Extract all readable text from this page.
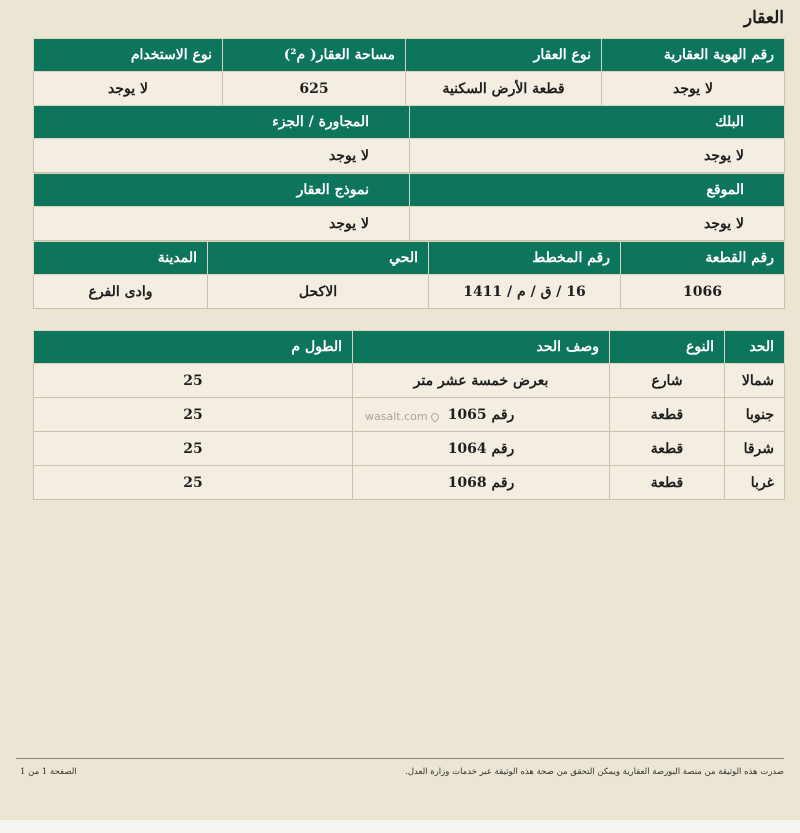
العقار
رقم الهوية العقارية	نوع العقار	مساحة العقار( م²)	نوع الاستخدام
لا يوجد	قطعة الأرض السكنية	625	لا يوجد
البلك	المجاورة / الجزء
لا يوجد	لا يوجد
الموقع	نموذج العقار
لا يوجد	لا يوجد
رقم القطعة	رقم المخطط	الحي	المدينة
1066	16 / ق / م / 1411	الاكحل	وادى الفرع
الحد	النوع	وصف الحد	الطول م
شمالا	شارع	بعرض خمسة عشر متر	25
جنوبا	قطعة	رقم 1065	25
شرقا	قطعة	رقم 1064	25
غربا	قطعة	رقم 1068	25
wasalt.com
صدرت هذه الوثيقة من منصة البورصة العقارية ويمكن التحقق من صحة هذه الوثيقة عبر خدمات وزارة العدل.
الصفحة 1 من 1
